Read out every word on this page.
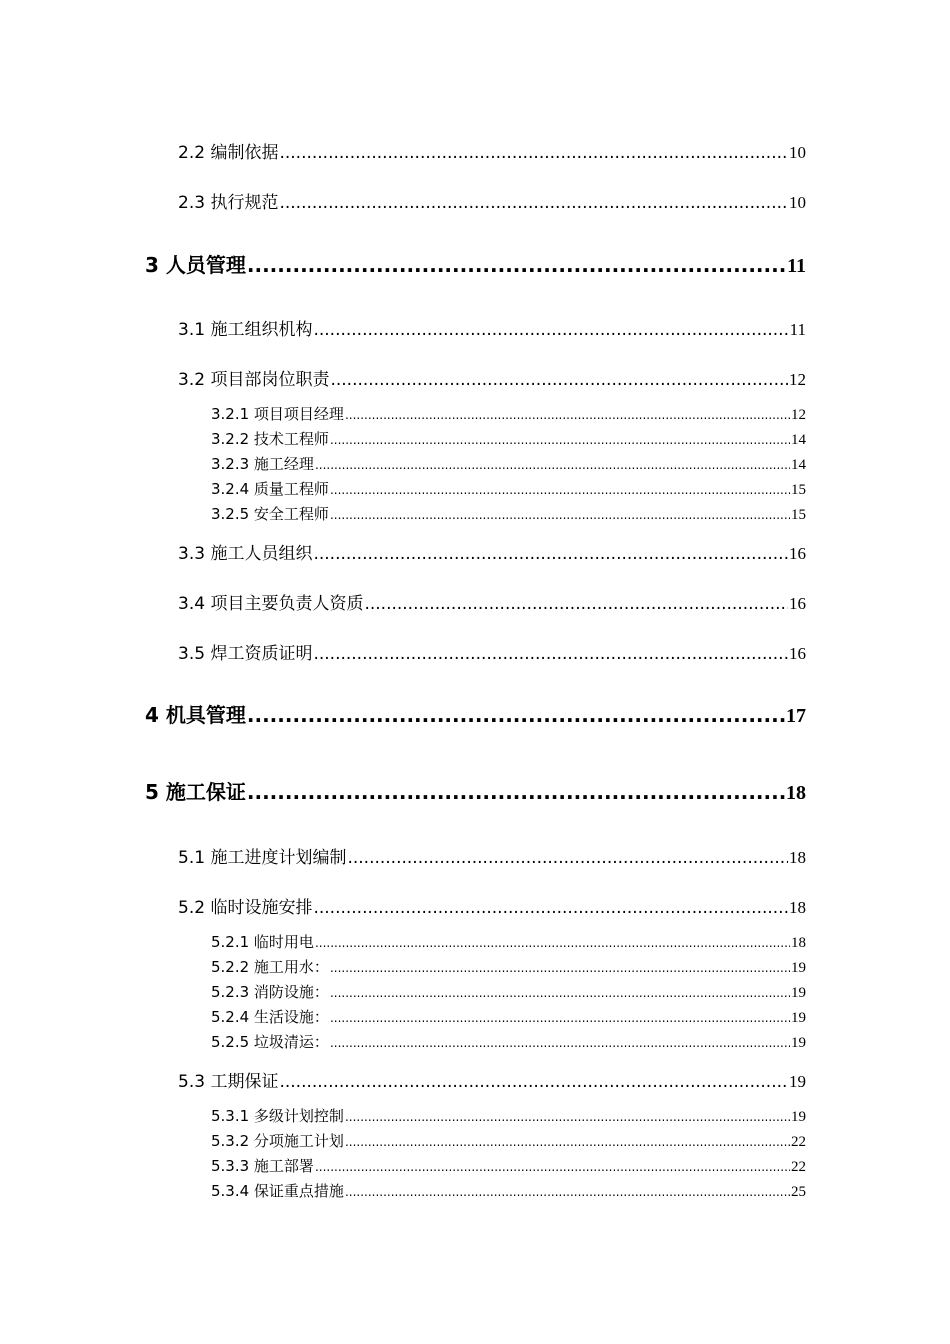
2.2 编制依据 .....	10
2.3 执行规范 .....	10
3 人员管理 .....	11
3.1 施工组织机构 .....	11
3.2 项目部岗位职责 .....	12
3.2.1 项目项目经理 .....	12
3.2.2 技术工程师 .....	14
3.2.3 施工经理 .....	14
3.2.4 质量工程师 .....	15
3.2.5 安全工程师 .....	15
3.3 施工人员组织 .....	16
3.4 项目主要负责人资质 .....	16
3.5 焊工资质证明 .....	16
4 机具管理 .....	17
5 施工保证 .....	18
5.1 施工进度计划编制 .....	18
5.2 临时设施安排 .....	18
5.2.1 临时用电 .....	18
5.2.2 施工用水： .....	19
5.2.3 消防设施： .....	19
5.2.4 生活设施： .....	19
5.2.5 垃圾清运： .....	19
5.3 工期保证 .....	19
5.3.1 多级计划控制 .....	19
5.3.2 分项施工计划 .....	22
5.3.3 施工部署 .....	22
5.3.4 保证重点措施 .....	25
